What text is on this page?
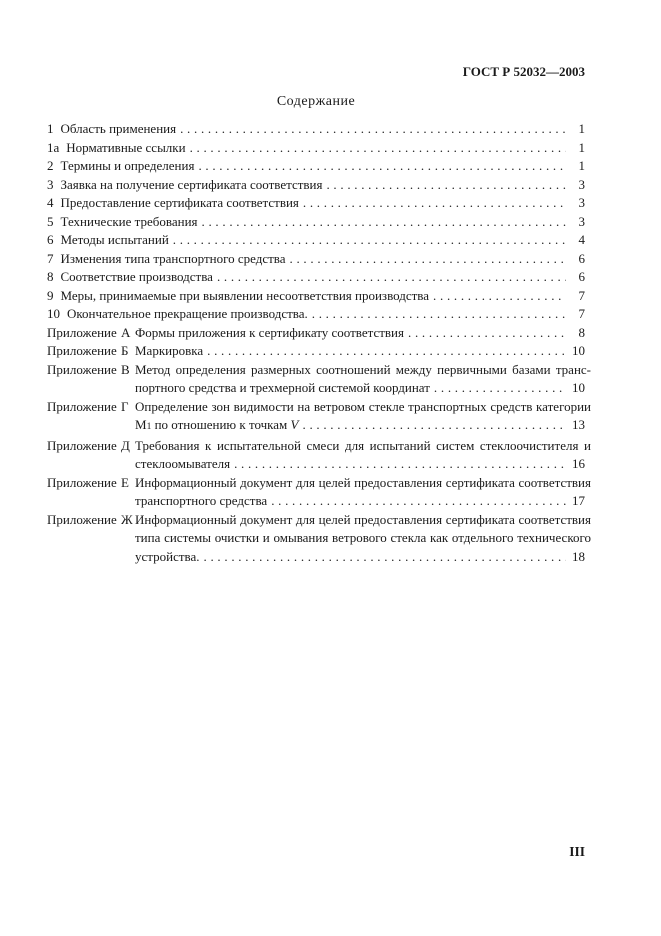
ГОСТ Р 52032—2003
Содержание
1 Область применения .....	1
1а Нормативные ссылки .....	1
2 Термины и определения .....	1
3 Заявка на получение сертификата соответствия .....	3
4 Предоставление сертификата соответствия .....	3
5 Технические требования .....	3
6 Методы испытаний .....	4
7 Изменения типа транспортного средства .....	6
8 Соответствие производства .....	6
9 Меры, принимаемые при выявлении несоответствия производства .....	7
10 Окончательное прекращение производства. .....	7
Приложение А Формы приложения к сертификату соответствия .....	8
Приложение Б Маркировка .....	10
Приложение В Метод определения размерных соотношений между первичными базами транс-
портного средства и трехмерной системой координат .....	10
Приложение Г Определение зон видимости на ветровом стекле транспортных средств категории
М 1 по отношению к точкам V .....	13
Приложение Д Требования к испытательной смеси для испытаний систем стеклоочистителя и
стеклоомывателя .....	16
Приложение Е Информационный документ для целей предоставления сертификата соответствия
транспортного средства .....	17
Приложение Ж Информационный документ для целей предоставления сертификата соответствия
типа системы очистки и омывания ветрового стекла как отдельного технического
устройства. .....	18
III
